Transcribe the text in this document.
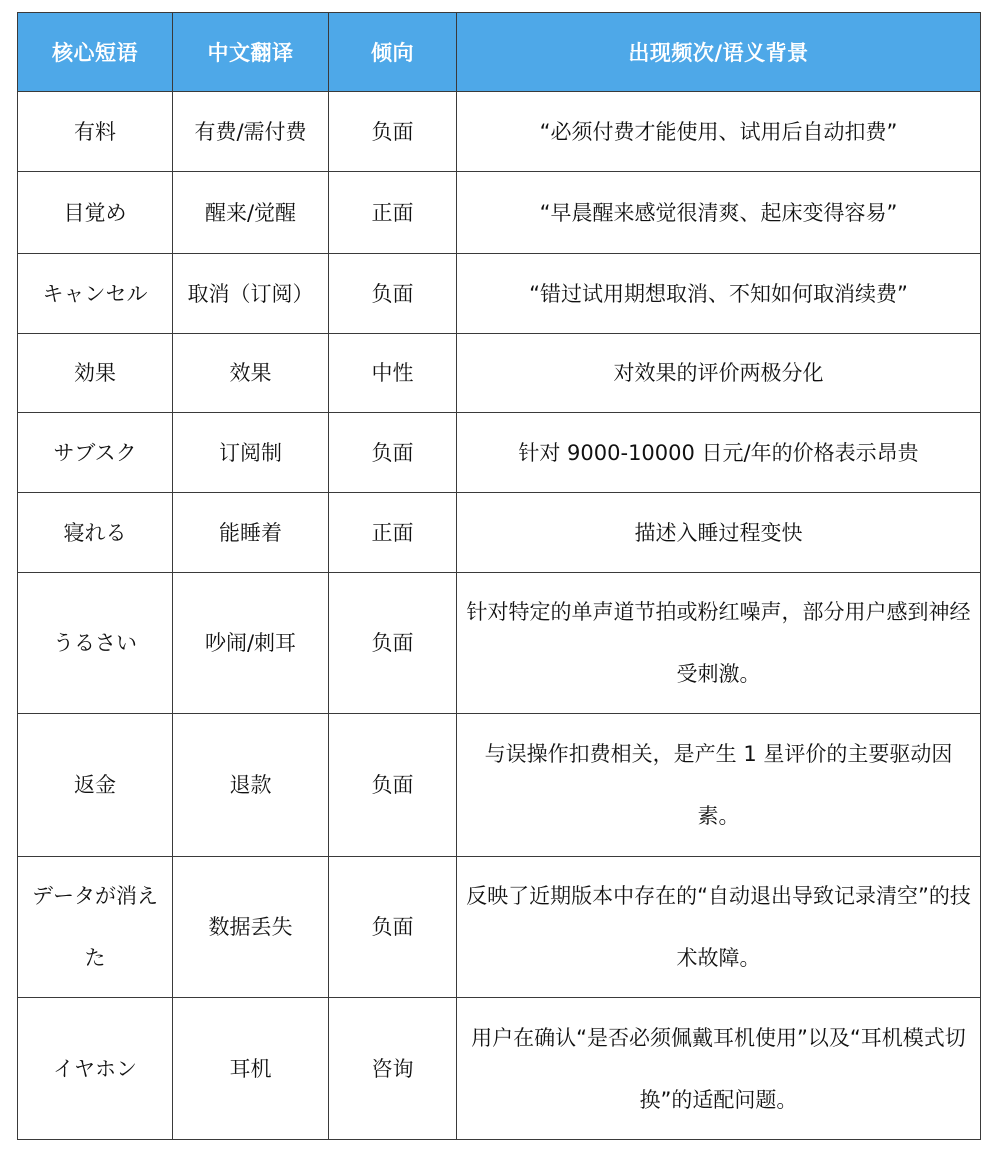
核心短语	中文翻译	倾向	出现频次/语义背景
有料	有费/需付费	负面	“必须付费才能使用、试用后自动扣费”
目覚め	醒来/觉醒	正面	“早晨醒来感觉很清爽、起床变得容易”
キャンセル	取消（订阅）	负面	“错过试用期想取消、不知如何取消续费”
効果	效果	中性	对效果的评价两极分化
サブスク	订阅制	负面	针对 9000-10000 日元/年的价格表示昂贵
寝れる	能睡着	正面	描述入睡过程变快
うるさい	吵闹/刺耳	负面	针对特定的单声道节拍或粉红噪声，部分用户感到神经受刺激。
返金	退款	负面	与误操作扣费相关，是产生 1 星评价的主要驱动因素。
データが消えた	数据丢失	负面	反映了近期版本中存在的“自动退出导致记录清空”的技术故障。
イヤホン	耳机	咨询	用户在确认“是否必须佩戴耳机使用”以及“耳机模式切换”的适配问题。
